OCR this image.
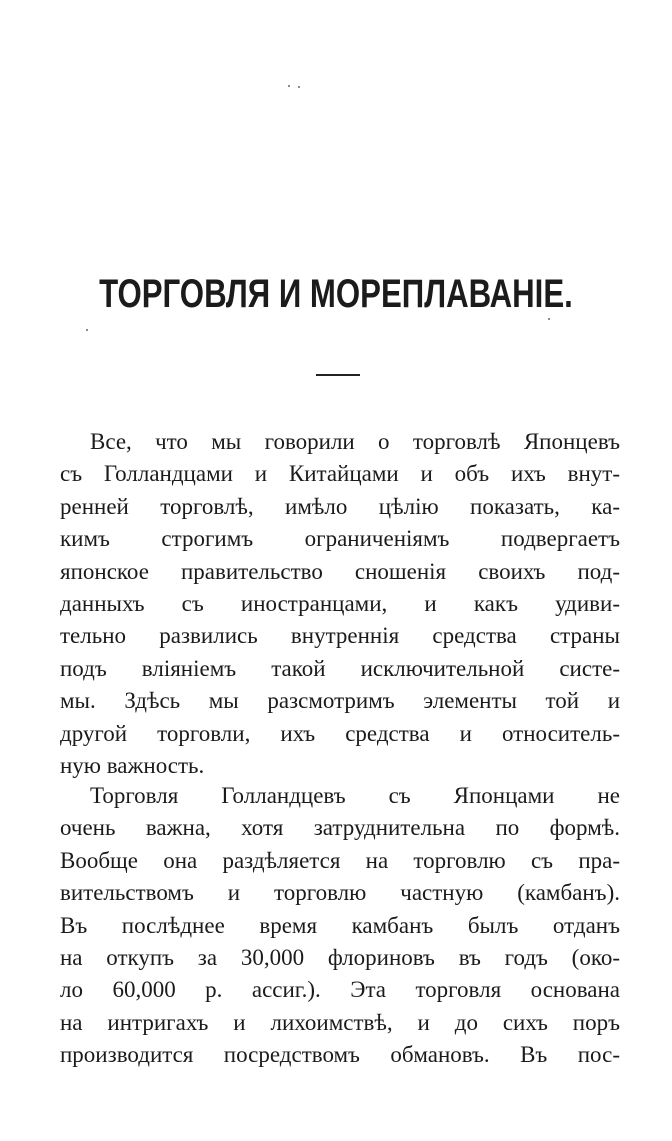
ТОРГОВЛЯ И МОРЕПЛАВАНІЕ.
Все, что мы говорили о торговлѣ Японцевъ
съ Голландцами и Китайцами и объ ихъ внут-
ренней торговлѣ, имѣло цѣлію показать, ка-
кимъ строгимъ ограниченіямъ подвергаетъ
японское правительство сношенія своихъ под-
данныхъ съ иностранцами, и какъ удиви-
тельно развились внутреннія средства страны
подъ вліяніемъ такой исключительной систе-
мы. Здѣсь мы разсмотримъ элементы той и
другой торговли, ихъ средства и относитель-
ную важность.
Торговля Голландцевъ съ Японцами не
очень важна, хотя затруднительна по формѣ.
Вообще она раздѣляется на торговлю съ пра-
вительствомъ и торговлю частную (камбанъ).
Въ послѣднее время камбанъ былъ отданъ
на откупъ за 30,000 флориновъ въ годъ (око-
ло 60,000 р. ассиг.). Эта торговля основана
на интригахъ и лихоимствѣ, и до сихъ поръ
производится посредствомъ обмановъ. Въ пос-
